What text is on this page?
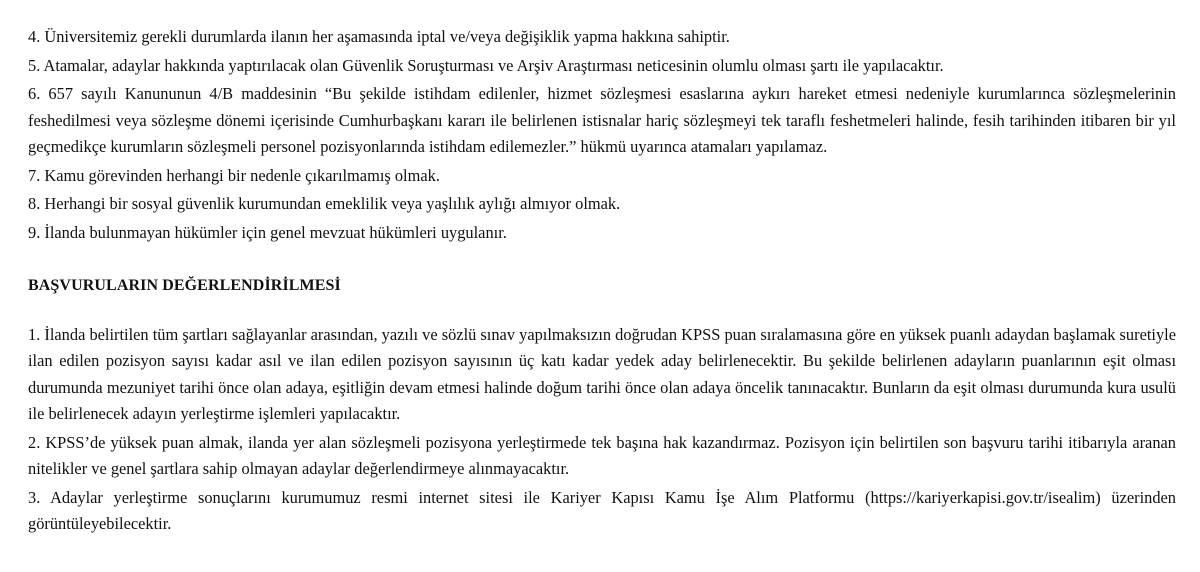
4. Üniversitemiz gerekli durumlarda ilanın her aşamasında iptal ve/veya değişiklik yapma hakkına sahiptir.
5. Atamalar, adaylar hakkında yaptırılacak olan Güvenlik Soruşturması ve Arşiv Araştırması neticesinin olumlu olması şartı ile yapılacaktır.
6. 657 sayılı Kanununun 4/B maddesinin “Bu şekilde istihdam edilenler, hizmet sözleşmesi esaslarına aykırı hareket etmesi nedeniyle kurumlarınca sözleşmelerinin feshedilmesi veya sözleşme dönemi içerisinde Cumhurbaşkanı kararı ile belirlenen istisnalar hariç sözleşmeyi tek taraflı feshetmeleri halinde, fesih tarihinden itibaren bir yıl geçmedikçe kurumların sözleşmeli personel pozisyonlarında istihdam edilemezler.” hükmü uyarınca atamaları yapılamaz.
7. Kamu görevinden herhangi bir nedenle çıkarılmamış olmak.
8. Herhangi bir sosyal güvenlik kurumundan emeklilik veya yaşlılık aylığı almıyor olmak.
9. İlanda bulunmayan hükümler için genel mevzuat hükümleri uygulanır.
BAŞVURULARIN DEĞERLENDİRİLMESİ
1. İlanda belirtilen tüm şartları sağlayanlar arasından, yazılı ve sözlü sınav yapılmaksızın doğrudan KPSS puan sıralamasına göre en yüksek puanlı adaydan başlamak suretiyle ilan edilen pozisyon sayısı kadar asıl ve ilan edilen pozisyon sayısının üç katı kadar yedek aday belirlenecektir. Bu şekilde belirlenen adayların puanlarının eşit olması durumunda mezuniyet tarihi önce olan adaya, eşitliğin devam etmesi halinde doğum tarihi önce olan adaya öncelik tanınacaktır. Bunların da eşit olması durumunda kura usulü ile belirlenecek adayın yerleştirme işlemleri yapılacaktır.
2. KPSS’de yüksek puan almak, ilanda yer alan sözleşmeli pozisyona yerleştirmede tek başına hak kazandırmaz. Pozisyon için belirtilen son başvuru tarihi itibarıyla aranan nitelikler ve genel şartlara sahip olmayan adaylar değerlendirmeye alınmayacaktır.
3. Adaylar yerleştirme sonuçlarını kurumumuz resmi internet sitesi ile Kariyer Kapısı Kamu İşe Alım Platformu (https://kariyerkapisi.gov.tr/isealim) üzerinden görüntüleyebilecektir.
